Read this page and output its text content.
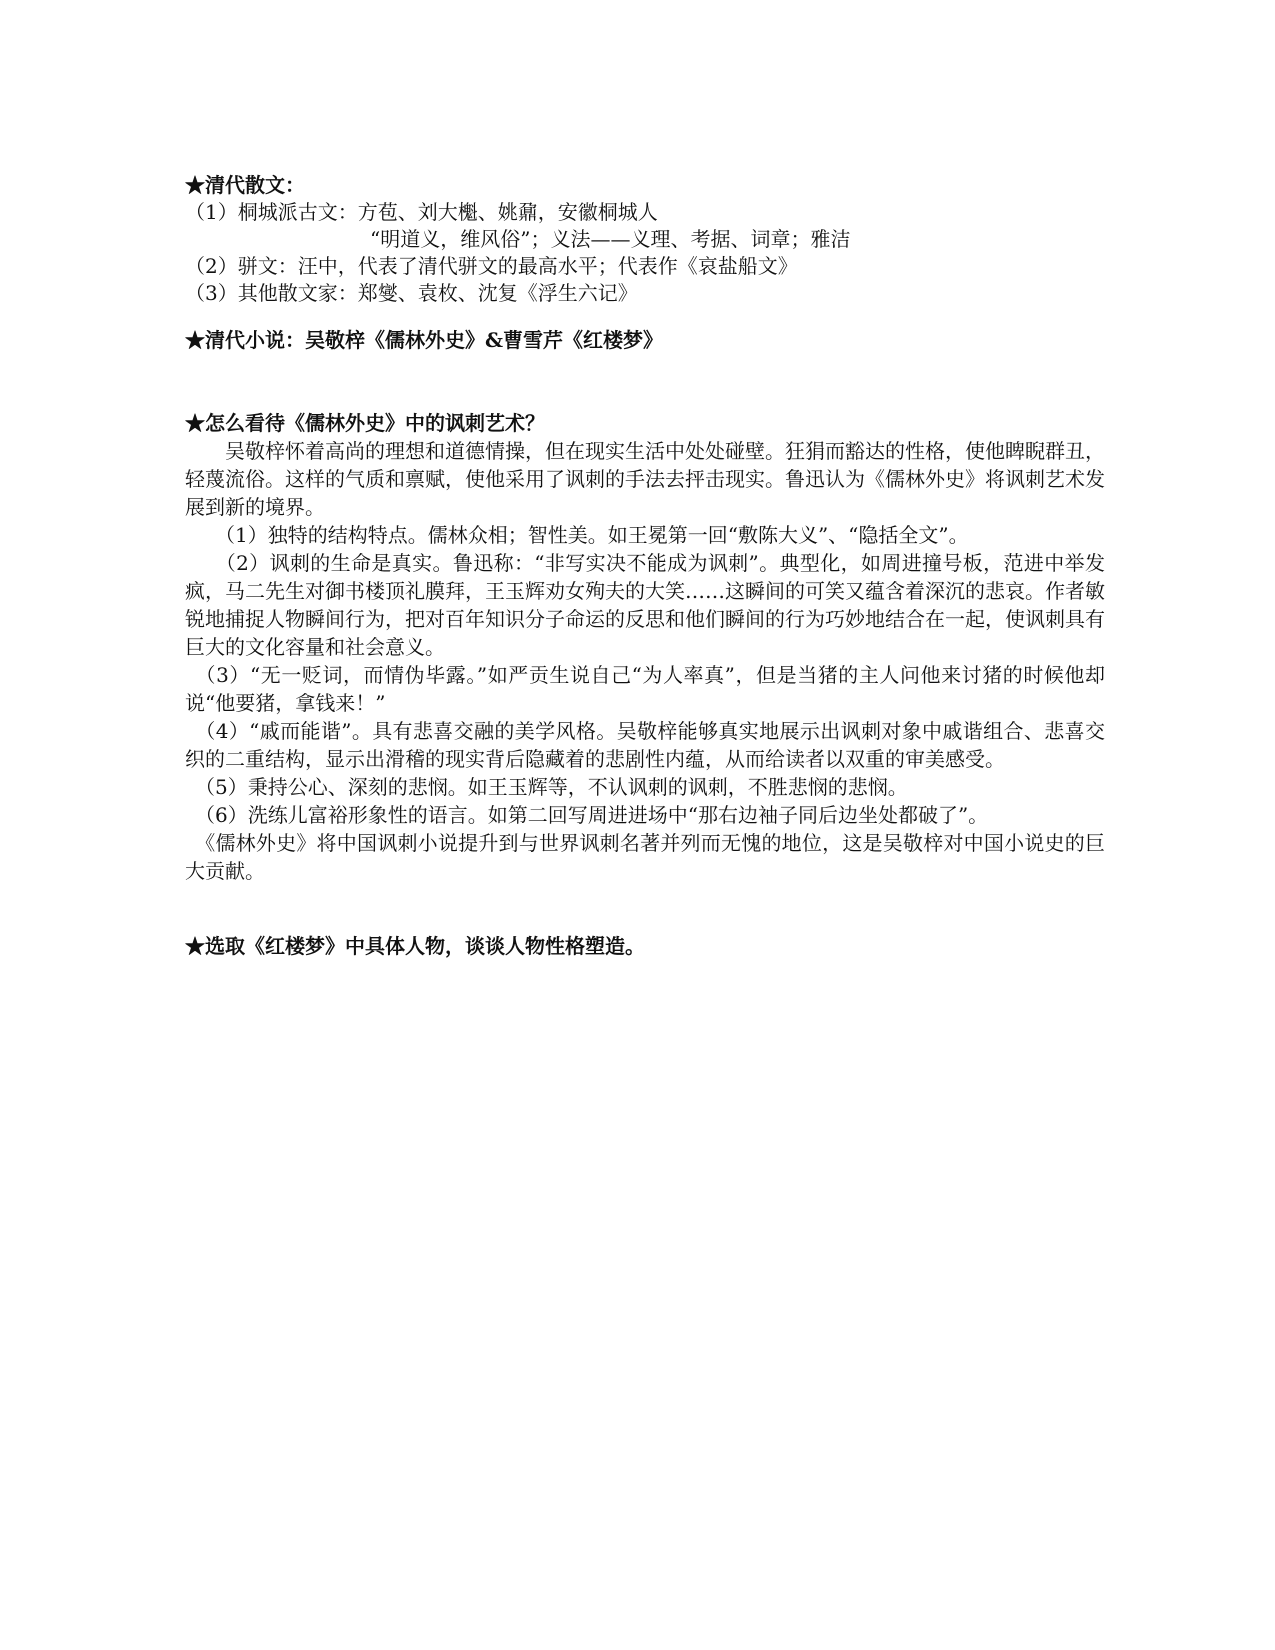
★清代散文：
（1）桐城派古文：方苞、刘大櫆、姚鼐，安徽桐城人
“明道义，维风俗”；义法——义理、考据、词章；雅洁
（2）骈文：汪中，代表了清代骈文的最高水平；代表作《哀盐船文》
（3）其他散文家：郑燮、袁枚、沈复《浮生六记》
★清代小说：吴敬梓《儒林外史》&曹雪芹《红楼梦》
★怎么看待《儒林外史》中的讽刺艺术？
　　吴敬梓怀着高尚的理想和道德情操，但在现实生活中处处碰壁。狂狷而豁达的性格，使他睥睨群丑，轻蔑流俗。这样的气质和禀赋，使他采用了讽刺的手法去抨击现实。鲁迅认为《儒林外史》将讽刺艺术发展到新的境界。
　　（1）独特的结构特点。儒林众相；智性美。如王冕第一回“敷陈大义”、“隐括全文”。
　　（2）讽刺的生命是真实。鲁迅称：“非写实决不能成为讽刺”。典型化，如周进撞号板，范进中举发疯，马二先生对御书楼顶礼膜拜，王玉辉劝女殉夫的大笑……这瞬间的可笑又蕴含着深沉的悲哀。作者敏锐地捕捉人物瞬间行为，把对百年知识分子命运的反思和他们瞬间的行为巧妙地结合在一起，使讽刺具有巨大的文化容量和社会意义。
　（3）“无一贬词，而情伪毕露。”如严贡生说自己“为人率真”，但是当猪的主人问他来讨猪的时候他却说“他要猪，拿钱来！”
　（4）“戚而能谐”。具有悲喜交融的美学风格。吴敬梓能够真实地展示出讽刺对象中戚谐组合、悲喜交织的二重结构，显示出滑稽的现实背后隐藏着的悲剧性内蕴，从而给读者以双重的审美感受。
　（5）秉持公心、深刻的悲悯。如王玉辉等，不认讽刺的讽刺，不胜悲悯的悲悯。
　（6）洗练儿富裕形象性的语言。如第二回写周进进场中“那右边袖子同后边坐处都破了”。
　《儒林外史》将中国讽刺小说提升到与世界讽刺名著并列而无愧的地位，这是吴敬梓对中国小说史的巨大贡献。
★选取《红楼梦》中具体人物，谈谈人物性格塑造。
